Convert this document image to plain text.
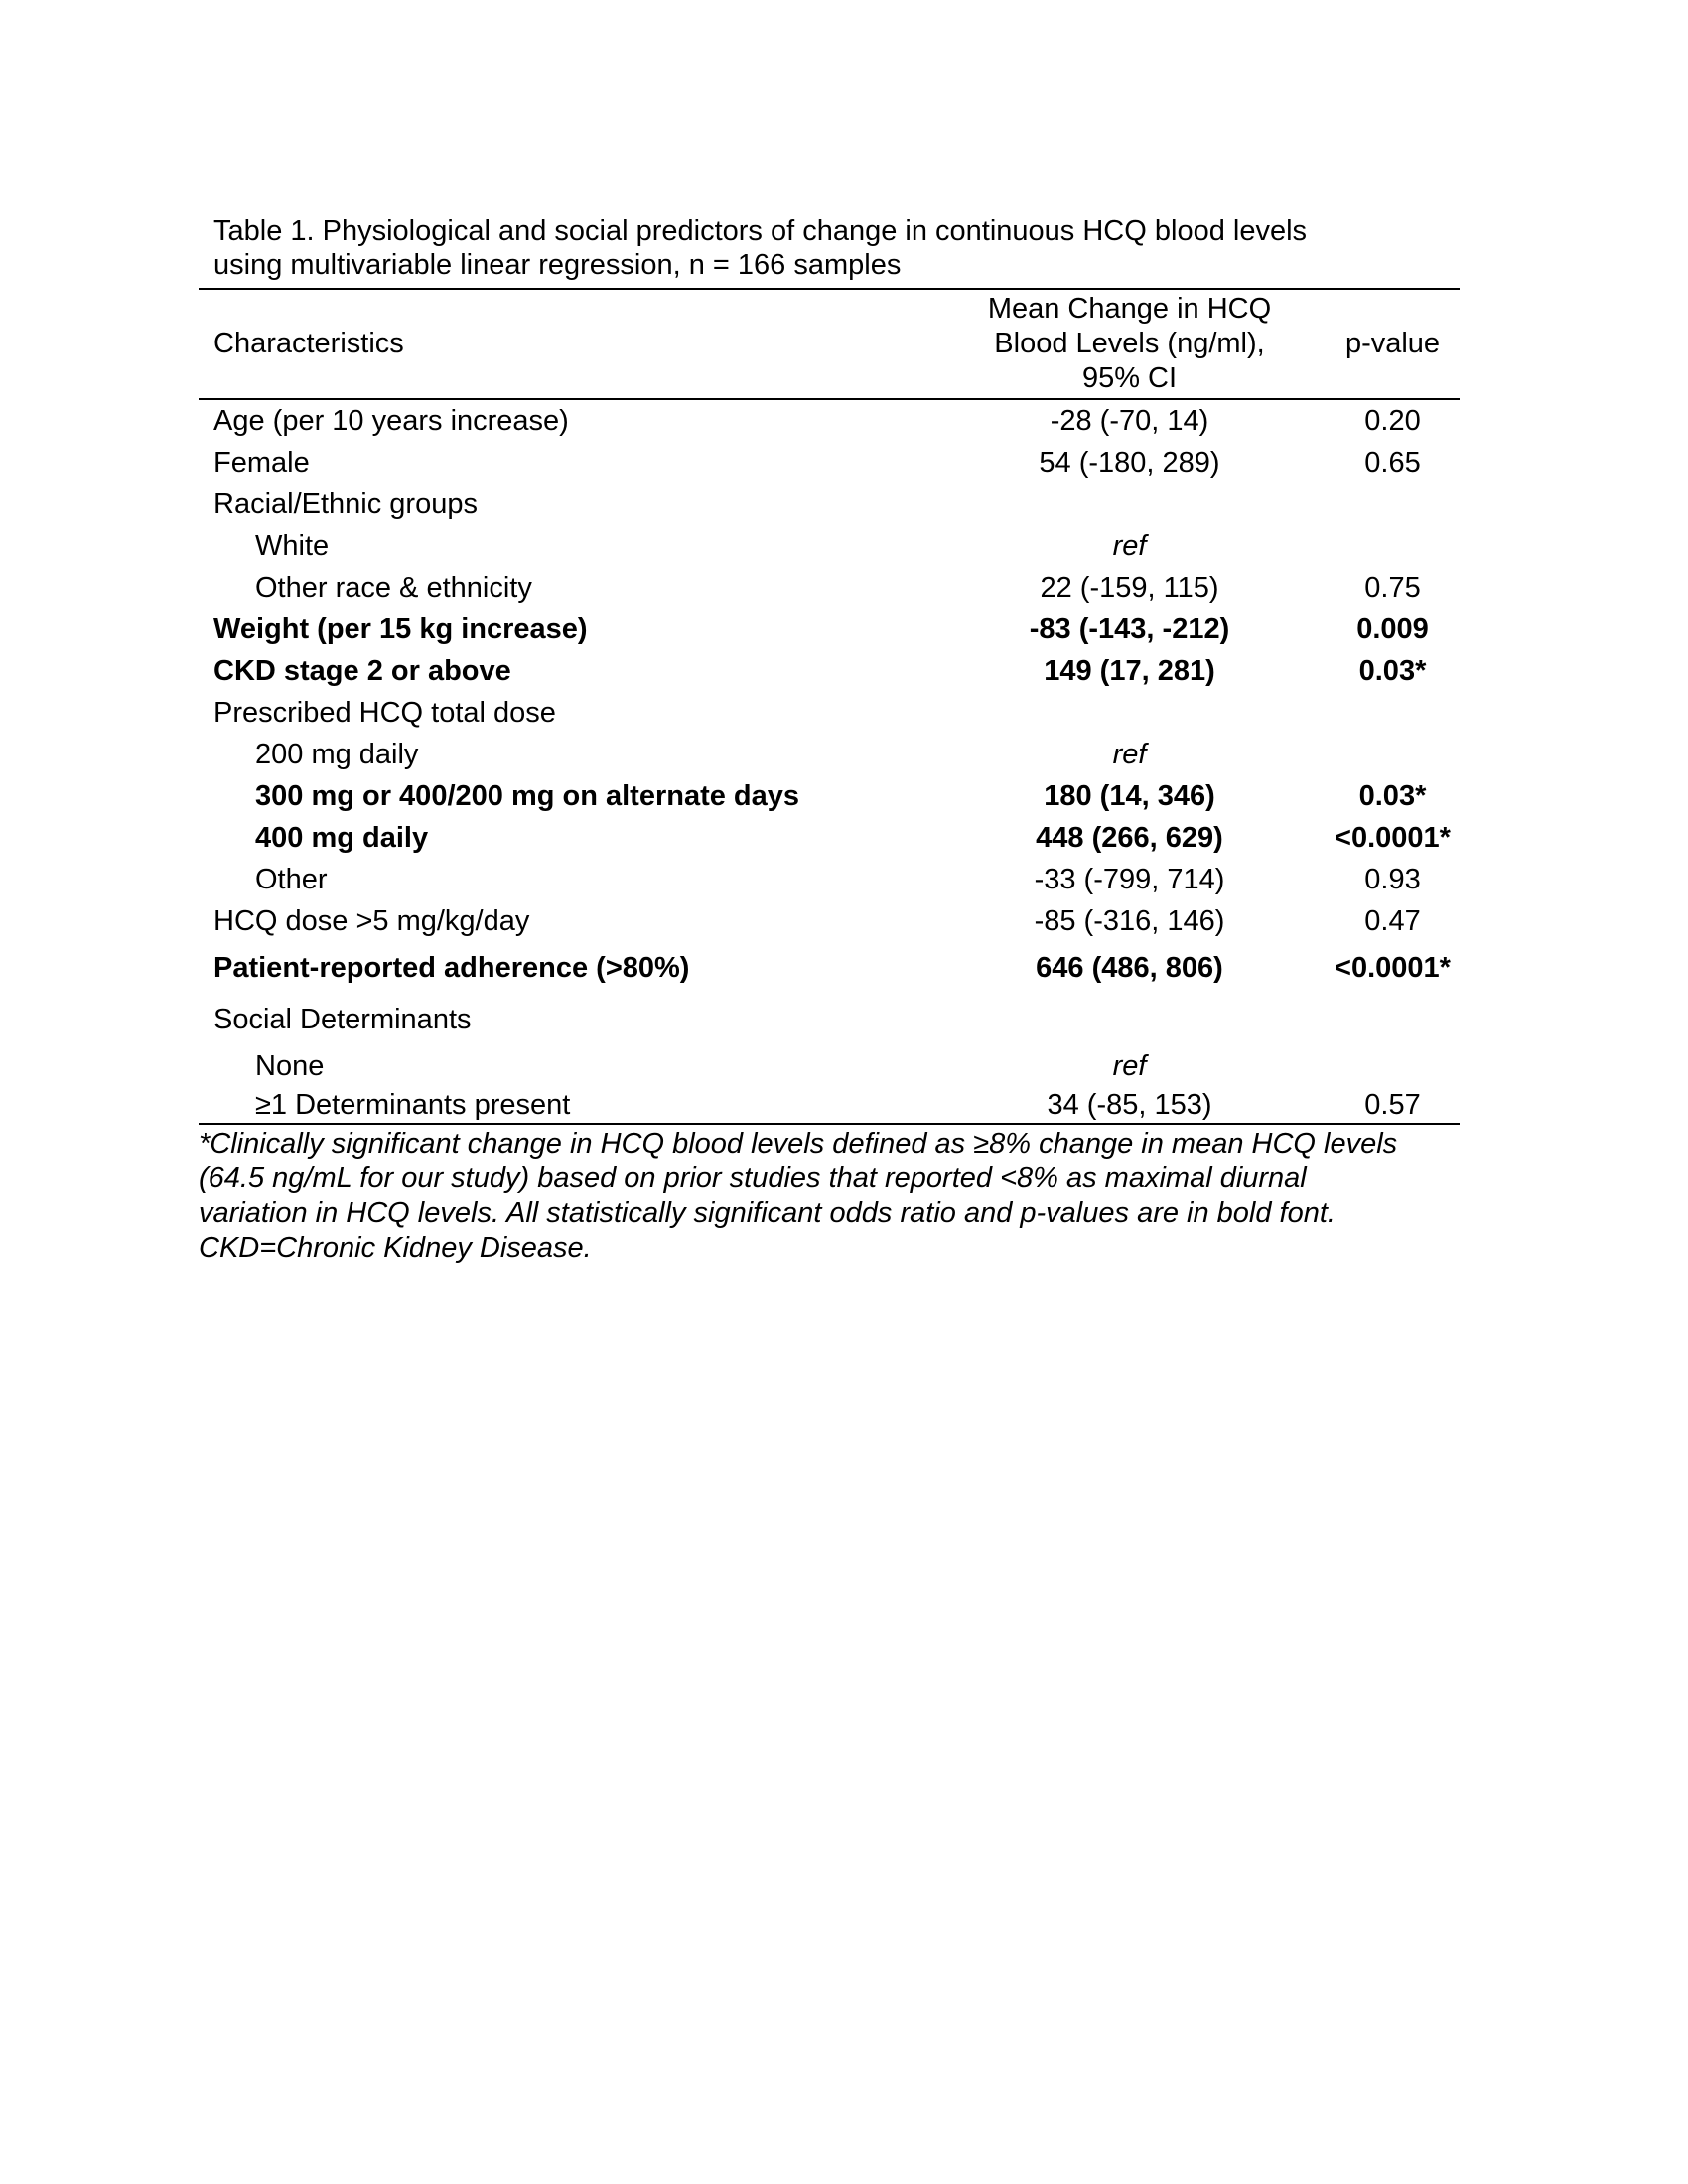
Table 1. Physiological and social predictors of change in continuous HCQ blood levels
using multivariable linear regression, n = 166 samples
Characteristics	Mean Change in HCQ
Blood Levels (ng/ml),
95% CI	p-value
Age (per 10 years increase)	-28 (-70, 14)	0.20
Female	54 (-180, 289)	0.65
Racial/Ethnic groups		
White	ref	
Other race & ethnicity	22 (-159, 115)	0.75
Weight (per 15 kg increase)	-83 (-143, -212)	0.009
CKD stage 2 or above	149 (17, 281)	0.03*
Prescribed HCQ total dose		
200 mg daily	ref	
300 mg or 400/200 mg on alternate days	180 (14, 346)	0.03*
400 mg daily	448 (266, 629)	<0.0001*
Other	-33 (-799, 714)	0.93
HCQ dose >5 mg/kg/day	-85 (-316, 146)	0.47
Patient-reported adherence (>80%)	646 (486, 806)	<0.0001*
Social Determinants		
None	ref	
≥1 Determinants present	34 (-85, 153)	0.57
*Clinically significant change in HCQ blood levels defined as ≥8% change in mean HCQ levels
(64.5 ng/mL for our study) based on prior studies that reported <8% as maximal diurnal
variation in HCQ levels. All statistically significant odds ratio and p-values are in bold font.
CKD=Chronic Kidney Disease.
